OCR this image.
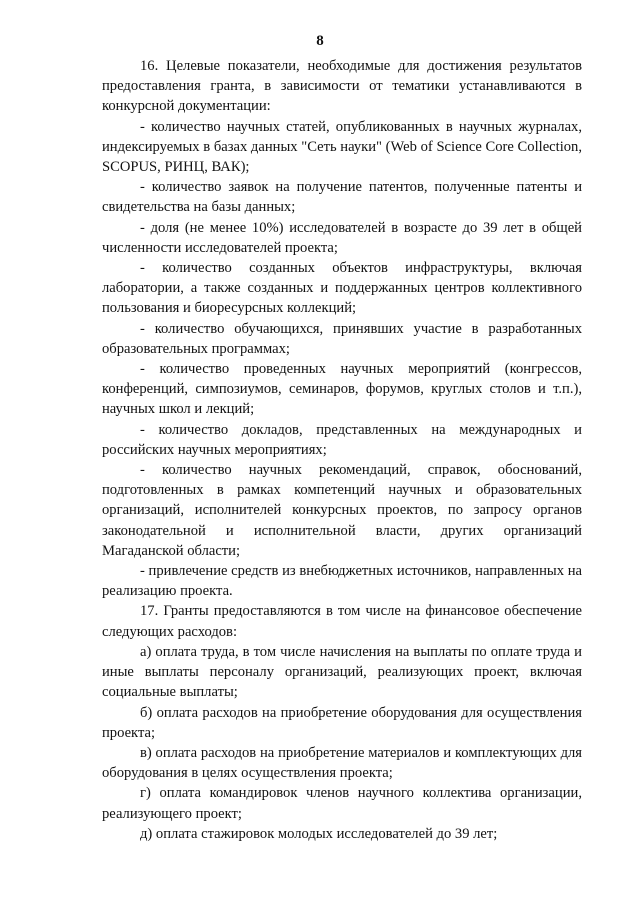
8

16. Целевые показатели, необходимые для достижения результатов предоставления гранта, в зависимости от тематики устанавливаются в конкурсной документации:

- количество научных статей, опубликованных в научных журналах, индексируемых в базах данных "Сеть науки" (Web of Science Core Collection, SCOPUS, РИНЦ, ВАК);

- количество заявок на получение патентов, полученные патенты и свидетельства на базы данных;

- доля (не менее 10%) исследователей в возрасте до 39 лет в общей численности исследователей проекта;

- количество созданных объектов инфраструктуры, включая лаборатории, а также созданных и поддержанных центров коллективного пользования и биоресурсных коллекций;

- количество обучающихся, принявших участие в разработанных образовательных программах;

- количество проведенных научных мероприятий (конгрессов, конференций, симпозиумов, семинаров, форумов, круглых столов и т.п.), научных школ и лекций;

- количество докладов, представленных на международных и российских научных мероприятиях;

- количество научных рекомендаций, справок, обоснований, подготовленных в рамках компетенций научных и образовательных организаций, исполнителей конкурсных проектов, по запросу органов законодательной и исполнительной власти, других организаций Магаданской области;

- привлечение средств из внебюджетных источников, направленных на реализацию проекта.

17. Гранты предоставляются в том числе на финансовое обеспечение следующих расходов:

а) оплата труда, в том числе начисления на выплаты по оплате труда и иные выплаты персоналу организаций, реализующих проект, включая социальные выплаты;

б) оплата расходов на приобретение оборудования для осуществления проекта;

в) оплата расходов на приобретение материалов и комплектующих для оборудования в целях осуществления проекта;

г) оплата командировок членов научного коллектива организации, реализующего проект;

д) оплата стажировок молодых исследователей до 39 лет;
